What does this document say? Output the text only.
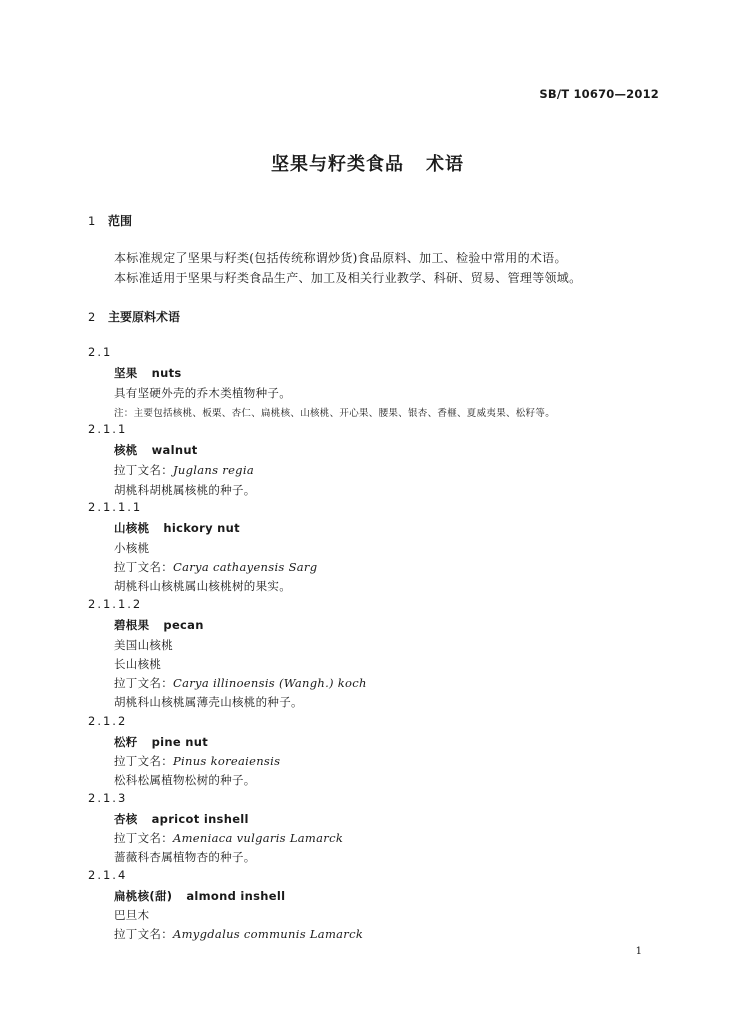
SB/T 10670—2012
坚果与籽类食品 术语
1 范围
本标准规定了坚果与籽类(包括传统称谓炒货)食品原料、加工、检验中常用的术语。
本标准适用于坚果与籽类食品生产、加工及相关行业教学、科研、贸易、管理等领域。
2 主要原料术语
2.1
坚果 nuts
具有坚硬外壳的乔木类植物种子。
注：主要包括核桃、板栗、杏仁、扁桃核、山核桃、开心果、腰果、银杏、香榧、夏威夷果、松籽等。
2.1.1
核桃 walnut
拉丁文名：Juglans regia
胡桃科胡桃属核桃的种子。
2.1.1.1
山核桃 hickory nut
小核桃
拉丁文名：Carya cathayensis Sarg
胡桃科山核桃属山核桃树的果实。
2.1.1.2
碧根果 pecan
美国山核桃
长山核桃
拉丁文名：Carya illinoensis (Wangh.) koch
胡桃科山核桃属薄壳山核桃的种子。
2.1.2
松籽 pine nut
拉丁文名：Pinus koreaiensis
松科松属植物松树的种子。
2.1.3
杏核 apricot inshell
拉丁文名：Ameniaca vulgaris Lamarck
蔷薇科杏属植物杏的种子。
2.1.4
扁桃核(甜) almond inshell
巴旦木
拉丁文名：Amygdalus communis Lamarck
1
